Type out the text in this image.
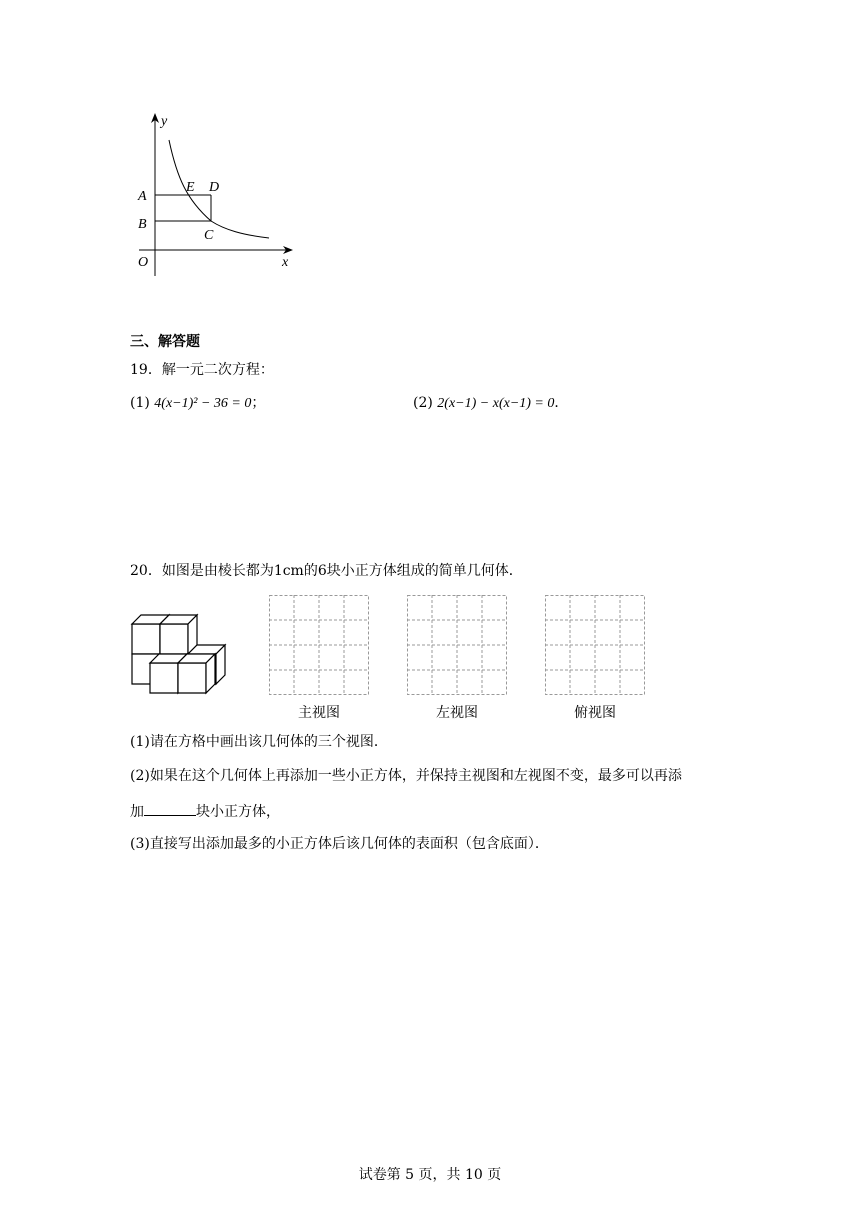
y
x
O
A
B
E D
C
三、解答题
19．解一元二次方程：
(1) 4(x−1)² − 36 = 0；	(2) 2(x−1) − x(x−1) = 0．
20．如图是由棱长都为1cm的6块小正方体组成的简单几何体．
主视图	左视图	俯视图
(1)请在方格中画出该几何体的三个视图．
(2)如果在这个几何体上再添加一些小正方体，并保持主视图和左视图不变，最多可以再添
加	块小正方体，
(3)直接写出添加最多的小正方体后该几何体的表面积（包含底面）．
试卷第 5 页，共 10 页
